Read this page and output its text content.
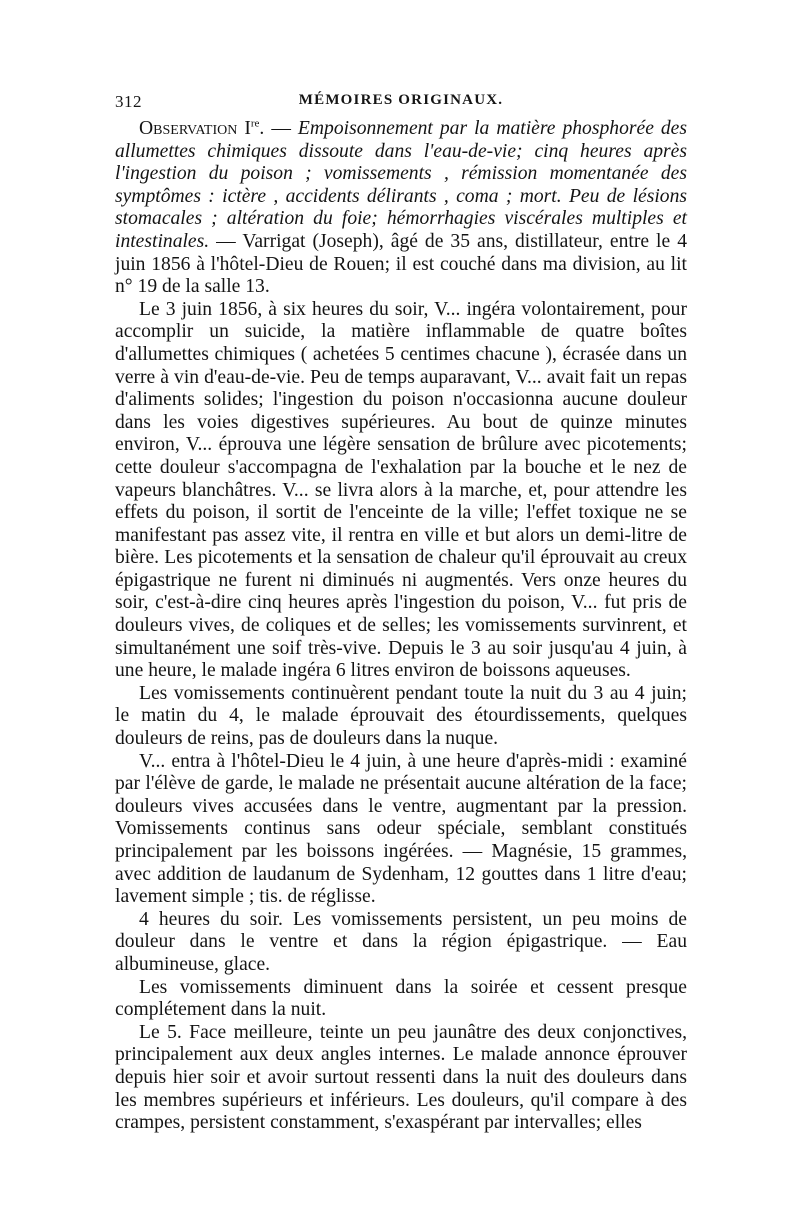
312	MÉMOIRES ORIGINAUX.

Observation Ire. — Empoisonnement par la matière phosphorée des allumettes chimiques dissoute dans l'eau-de-vie; cinq heures après l'ingestion du poison ; vomissements , rémission momentanée des symptômes : ictère , accidents délirants , coma ; mort. Peu de lésions stomacales ; altération du foie; hémorrhagies viscérales multiples et intestinales. — Varrigat (Joseph), âgé de 35 ans, distillateur, entre le 4 juin 1856 à l'hôtel-Dieu de Rouen; il est couché dans ma division, au lit n° 19 de la salle 13.

Le 3 juin 1856, à six heures du soir, V... ingéra volontairement, pour accomplir un suicide, la matière inflammable de quatre boîtes d'allumettes chimiques ( achetées 5 centimes chacune ), écrasée dans un verre à vin d'eau-de-vie. Peu de temps auparavant, V... avait fait un repas d'aliments solides; l'ingestion du poison n'occasionna aucune douleur dans les voies digestives supérieures. Au bout de quinze minutes environ, V... éprouva une légère sensation de brûlure avec picotements; cette douleur s'accompagna de l'exhalation par la bouche et le nez de vapeurs blanchâtres. V... se livra alors à la marche, et, pour attendre les effets du poison, il sortit de l'enceinte de la ville; l'effet toxique ne se manifestant pas assez vite, il rentra en ville et but alors un demi-litre de bière. Les picotements et la sensation de chaleur qu'il éprouvait au creux épigastrique ne furent ni diminués ni augmentés. Vers onze heures du soir, c'est-à-dire cinq heures après l'ingestion du poison, V... fut pris de douleurs vives, de coliques et de selles; les vomissements survinrent, et simultanément une soif très-vive. Depuis le 3 au soir jusqu'au 4 juin, à une heure, le malade ingéra 6 litres environ de boissons aqueuses.

Les vomissements continuèrent pendant toute la nuit du 3 au 4 juin; le matin du 4, le malade éprouvait des étourdissements, quelques douleurs de reins, pas de douleurs dans la nuque.

V... entra à l'hôtel-Dieu le 4 juin, à une heure d'après-midi : examiné par l'élève de garde, le malade ne présentait aucune altération de la face; douleurs vives accusées dans le ventre, augmentant par la pression. Vomissements continus sans odeur spéciale, semblant constitués principalement par les boissons ingérées. — Magnésie, 15 grammes, avec addition de laudanum de Sydenham, 12 gouttes dans 1 litre d'eau; lavement simple ; tis. de réglisse.

4 heures du soir. Les vomissements persistent, un peu moins de douleur dans le ventre et dans la région épigastrique. — Eau albumineuse, glace.

Les vomissements diminuent dans la soirée et cessent presque complétement dans la nuit.

Le 5. Face meilleure, teinte un peu jaunâtre des deux conjonctives, principalement aux deux angles internes. Le malade annonce éprouver depuis hier soir et avoir surtout ressenti dans la nuit des douleurs dans les membres supérieurs et inférieurs. Les douleurs, qu'il compare à des crampes, persistent constamment, s'exaspérant par intervalles; elles
